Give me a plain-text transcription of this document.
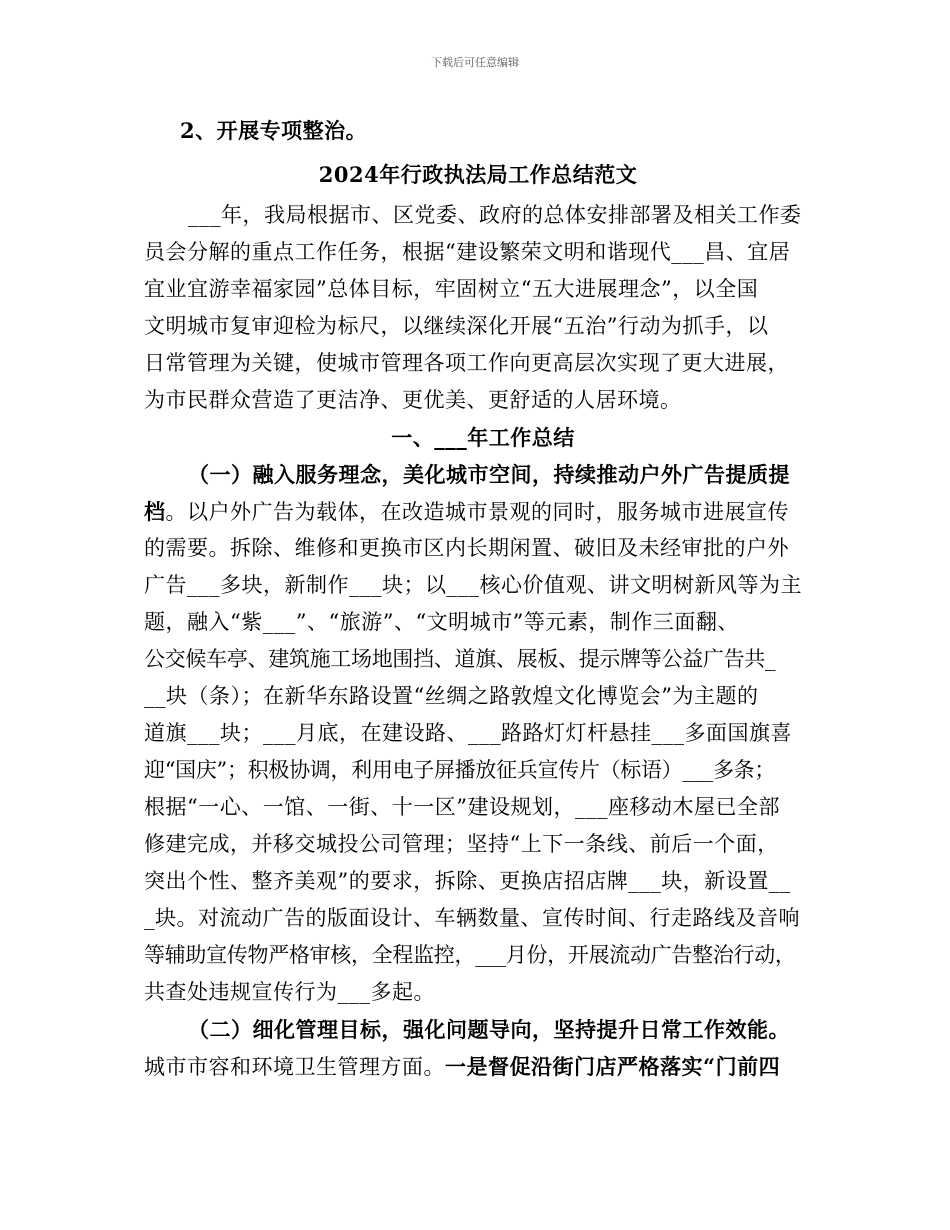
下载后可任意编辑
2、开展专项整治。
2024年行政执法局工作总结范文
___年，我局根据市、区党委、政府的总体安排部署及相关工作委
员会分解的重点工作任务，根据“建设繁荣文明和谐现代___昌、宜居
宜业宜游幸福家园”总体目标，牢固树立“五大进展理念”，以全国
文明城市复审迎检为标尺，以继续深化开展“五治”行动为抓手，以
日常管理为关键，使城市管理各项工作向更高层次实现了更大进展，
为市民群众营造了更洁净、更优美、更舒适的人居环境。
一、___年工作总结
（一）融入服务理念，美化城市空间，持续推动户外广告提质提
档。以户外广告为载体，在改造城市景观的同时，服务城市进展宣传
的需要。拆除、维修和更换市区内长期闲置、破旧及未经审批的户外
广告___多块，新制作___块；以___核心价值观、讲文明树新风等为主
题，融入“紫___”、“旅游”、“文明城市”等元素，制作三面翻、
公交候车亭、建筑施工场地围挡、道旗、展板、提示牌等公益广告共_
__块（条）；在新华东路设置“丝绸之路敦煌文化博览会”为主题的
道旗___块；___月底，在建设路、___路路灯灯杆悬挂___多面国旗喜
迎“国庆”；积极协调，利用电子屏播放征兵宣传片（标语）___多条；
根据“一心、一馆、一街、十一区”建设规划，___座移动木屋已全部
修建完成，并移交城投公司管理；坚持“上下一条线、前后一个面，
突出个性、整齐美观”的要求，拆除、更换店招店牌___块，新设置__
_块。对流动广告的版面设计、车辆数量、宣传时间、行走路线及音响
等辅助宣传物严格审核，全程监控，___月份，开展流动广告整治行动，
共查处违规宣传行为___多起。
（二）细化管理目标，强化问题导向，坚持提升日常工作效能。
城市市容和环境卫生管理方面。一是督促沿街门店严格落实“门前四
